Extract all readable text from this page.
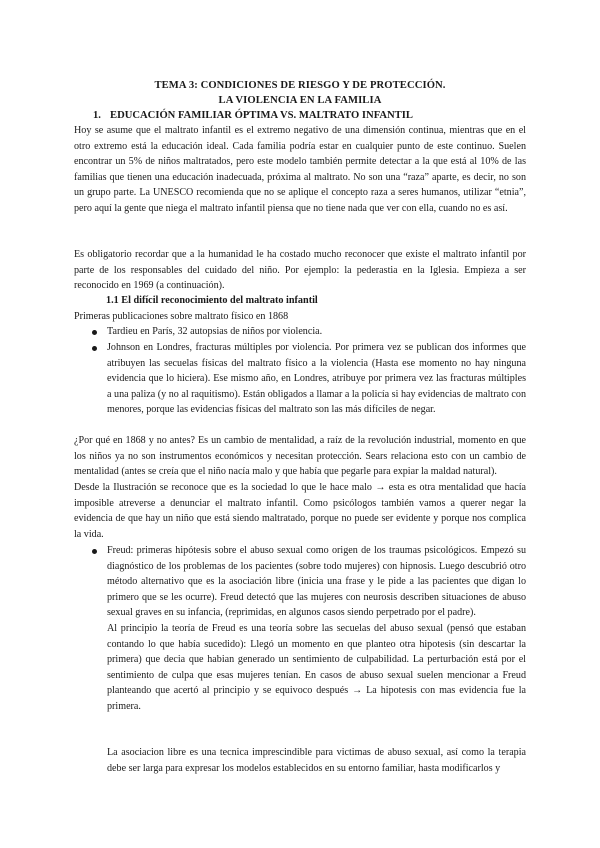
TEMA 3: CONDICIONES DE RIESGO Y DE PROTECCIÓN.
LA VIOLENCIA EN LA FAMILIA
1. EDUCACIÓN FAMILIAR ÓPTIMA VS. MALTRATO INFANTIL

Hoy se asume que el maltrato infantil es el extremo negativo de una dimensión continua, mientras que en el otro extremo está la educación ideal. Cada familia podría estar en cualquier punto de este continuo. Suelen encontrar un 5% de niños maltratados, pero este modelo también permite detectar a la que está al 10% de las familias que tienen una educación inadecuada, próxima al maltrato. No son una “raza” aparte, es decir, no son un grupo parte. La UNESCO recomienda que no se aplique el concepto raza a seres humanos, utilizar “etnia”, pero aquí la gente que niega el maltrato infantil piensa que no tiene nada que ver con ella, cuando no es así.

Es obligatorio recordar que a la humanidad le ha costado mucho reconocer que existe el maltrato infantil por parte de los responsables del cuidado del niño. Por ejemplo: la pederastia en la Iglesia. Empieza a ser reconocido en 1969 (a continuación).

1.1 El difícil reconocimiento del maltrato infantil

Primeras publicaciones sobre maltrato físico en 1868

Tardieu en París, 32 autopsias de niños por violencia.

Johnson en Londres, fracturas múltiples por violencia. Por primera vez se publican dos informes que atribuyen las secuelas físicas del maltrato físico a la violencia (Hasta ese momento no hay ninguna evidencia que lo hiciera). Ese mismo año, en Londres, atribuye por primera vez las fracturas múltiples a una paliza (y no al raquitismo). Están obligados a llamar a la policía si hay evidencias de maltrato con menores, porque las evidencias físicas del maltrato son las más difíciles de negar.

¿Por qué en 1868 y no antes? Es un cambio de mentalidad, a raíz de la revolución industrial, momento en que los niños ya no son instrumentos económicos y necesitan protección. Sears relaciona esto con un cambio de mentalidad (antes se creía que el niño nacía malo y que había que pegarle para expiar la maldad natural).

Desde la Ilustración se reconoce que es la sociedad lo que le hace malo → esta es otra mentalidad que hacía imposible atreverse a denunciar el maltrato infantil. Como psicólogos también vamos a querer negar la evidencia de que hay un niño que está siendo maltratado, porque no puede ser evidente y porque nos complica la vida.

Freud: primeras hipótesis sobre el abuso sexual como origen de los traumas psicológicos. Empezó su diagnóstico de los problemas de los pacientes (sobre todo mujeres) con hipnosis. Luego descubrió otro método alternativo que es la asociación libre (inicia una frase y le pide a las pacientes que digan lo primero que se les ocurre). Freud detectó que las mujeres con neurosis describen situaciones de abuso sexual graves en su infancia, (reprimidas, en algunos casos siendo perpetrado por el padre).

Al principio la teoría de Freud es una teoría sobre las secuelas del abuso sexual (pensó que estaban contando lo que había sucedido): Llegó un momento en que planteo otra hipotesis (sin descartar la primera) que decia que habian generado un sentimiento de culpabilidad. La perturbación está por el sentimiento de culpa que esas mujeres tenían. En casos de abuso sexual suelen mencionar a Freud planteando que acertó al principio y se equivoco después → La hipotesis con mas evidencia fue la primera.

La asociacion libre es una tecnica imprescindible para victimas de abuso sexual, así como la terapia debe ser larga para expresar los modelos establecidos en su entorno familiar, hasta modificarlos y
